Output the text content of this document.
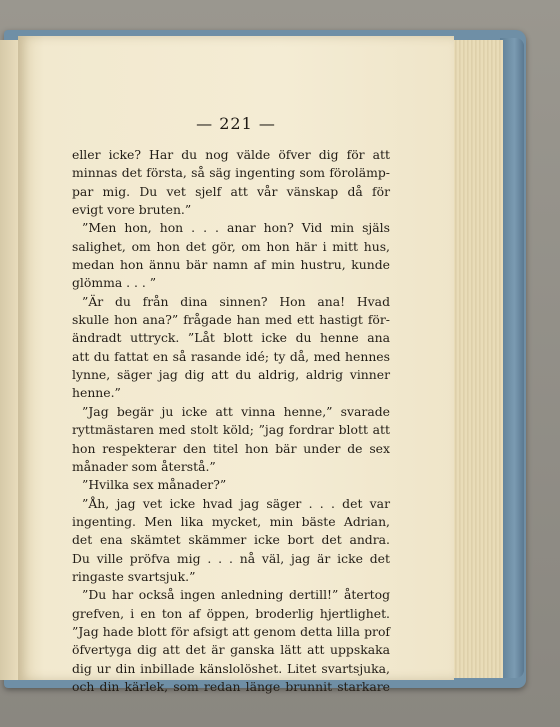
— 221 —
eller icke? Har du nog välde öfver dig för att
minnas det första, så säg ingenting som förolämp-
par mig. Du vet sjelf att vår vänskap då för
evigt vore bruten.”
”Men hon, hon . . . anar hon? Vid min själs
salighet, om hon det gör, om hon här i mitt hus,
medan hon ännu bär namn af min hustru, kunde
glömma . . . ”
”Är du från dina sinnen? Hon ana! Hvad
skulle hon ana?” frågade han med ett hastigt för-
ändradt uttryck. ”Låt blott icke du henne ana
att du fattat en så rasande idé; ty då, med hennes
lynne, säger jag dig att du aldrig, aldrig vinner
henne.”
”Jag begär ju icke att vinna henne,” svarade
ryttmästaren med stolt köld; ”jag fordrar blott att
hon respekterar den titel hon bär under de sex
månader som återstå.”
”Hvilka sex månader?”
”Åh, jag vet icke hvad jag säger . . . det var
ingenting. Men lika mycket, min bäste Adrian,
det ena skämtet skämmer icke bort det andra.
Du ville pröfva mig . . . nå väl, jag är icke det
ringaste svartsjuk.”
”Du har också ingen anledning dertill!” återtog
grefven, i en ton af öppen, broderlig hjertlighet.
”Jag hade blott för afsigt att genom detta lilla prof
öfvertyga dig att det är ganska lätt att uppskaka
dig ur din inbillade känslolöshet. Litet svartsjuka,
och din kärlek, som redan länge brunnit starkare
